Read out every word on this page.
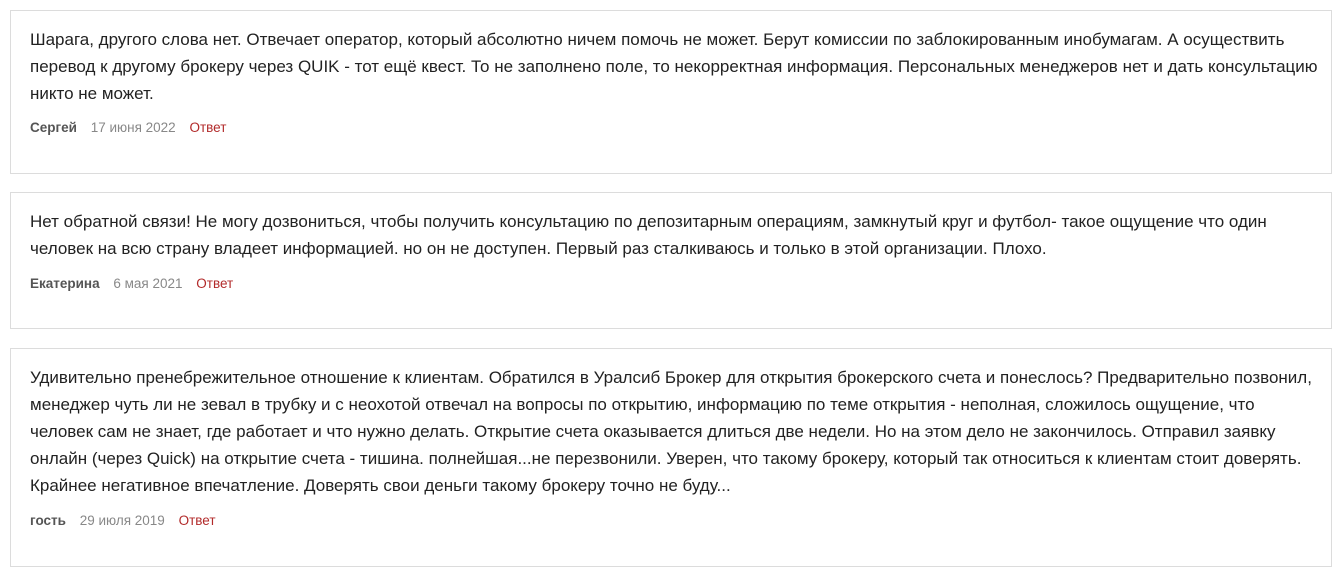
Шарага, другого слова нет. Отвечает оператор, который абсолютно ничем помочь не может. Берут комиссии по заблокированным инобумагам. А осуществить перевод к другому брокеру через QUIK - тот ещё квест. То не заполнено поле, то некорректная информация. Персональных менеджеров нет и дать консультацию никто не может.

Сергей 17 июня 2022 Ответ

Нет обратной связи! Не могу дозвониться, чтобы получить консультацию по депозитарным операциям, замкнутый круг и футбол- такое ощущение что один человек на всю страну владеет информацией. но он не доступен. Первый раз сталкиваюсь и только в этой организации. Плохо.

Екатерина 6 мая 2021 Ответ

Удивительно пренебрежительное отношение к клиентам. Обратился в Уралсиб Брокер для открытия брокерского счета и понеслось? Предварительно позвонил, менеджер чуть ли не зевал в трубку и с неохотой отвечал на вопросы по открытию, информацию по теме открытия - неполная, сложилось ощущение, что человек сам не знает, где работает и что нужно делать. Открытие счета оказывается длиться две недели. Но на этом дело не закончилось. Отправил заявку онлайн (через Quick) на открытие счета - тишина. полнейшая...не перезвонили. Уверен, что такому брокеру, который так относиться к клиентам стоит доверять. Крайнее негативное впечатление. Доверять свои деньги такому брокеру точно не буду...

гость 29 июля 2019 Ответ
